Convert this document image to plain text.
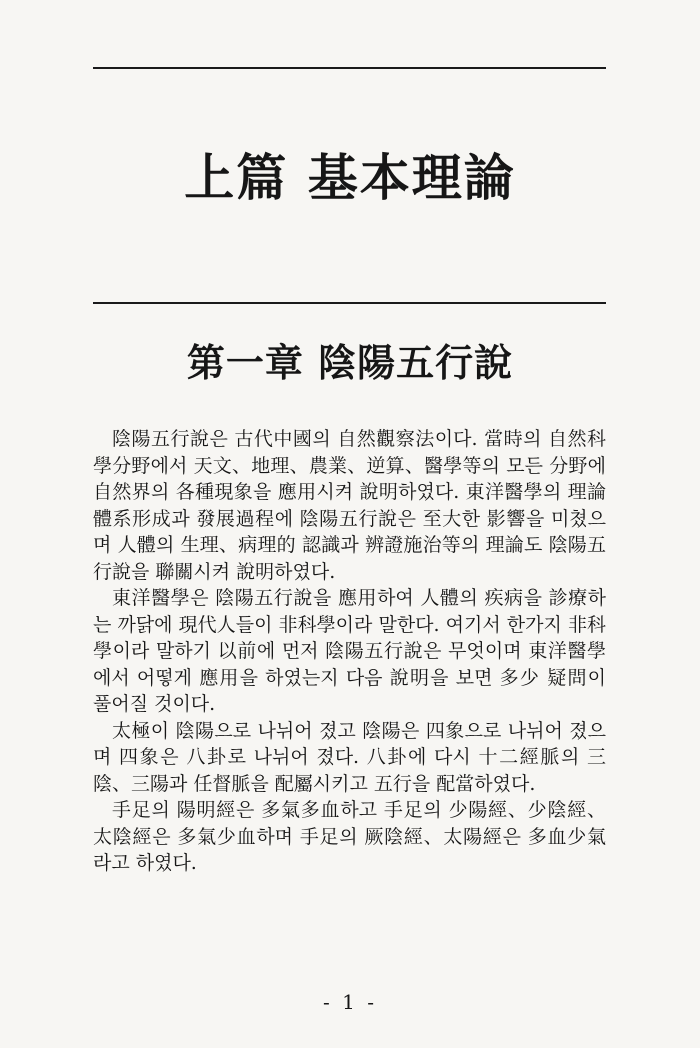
上篇 基本理論
第一章 陰陽五行說

陰陽五行說은 古代中國의 自然觀察法이다. 當時의 自然科學分野에서 天文、地理、農業、逆算、醫學等의 모든 分野에 自然界의 各種現象을 應用시켜 說明하였다. 東洋醫學의 理論體系形成과 發展過程에 陰陽五行說은 至大한 影響을 미쳤으며 人體의 生理、病理的 認識과 辨證施治等의 理論도 陰陽五行說을 聯關시켜 說明하였다.

東洋醫學은 陰陽五行說을 應用하여 人體의 疾病을 診療하는 까닭에 現代人들이 非科學이라 말한다. 여기서 한가지 非科學이라 말하기 以前에 먼저 陰陽五行說은 무엇이며 東洋醫學에서 어떻게 應用을 하였는지 다음 說明을 보면 多少 疑問이 풀어질 것이다.

太極이 陰陽으로 나뉘어 졌고 陰陽은 四象으로 나뉘어 졌으며 四象은 八卦로 나뉘어 졌다. 八卦에 다시 十二經脈의 三陰、三陽과 任督脈을 配屬시키고 五行을 配當하였다.

手足의 陽明經은 多氣多血하고 手足의 少陽經、少陰經、太陰經은 多氣少血하며 手足의 厥陰經、太陽經은 多血少氣라고 하였다.

- 1 -
